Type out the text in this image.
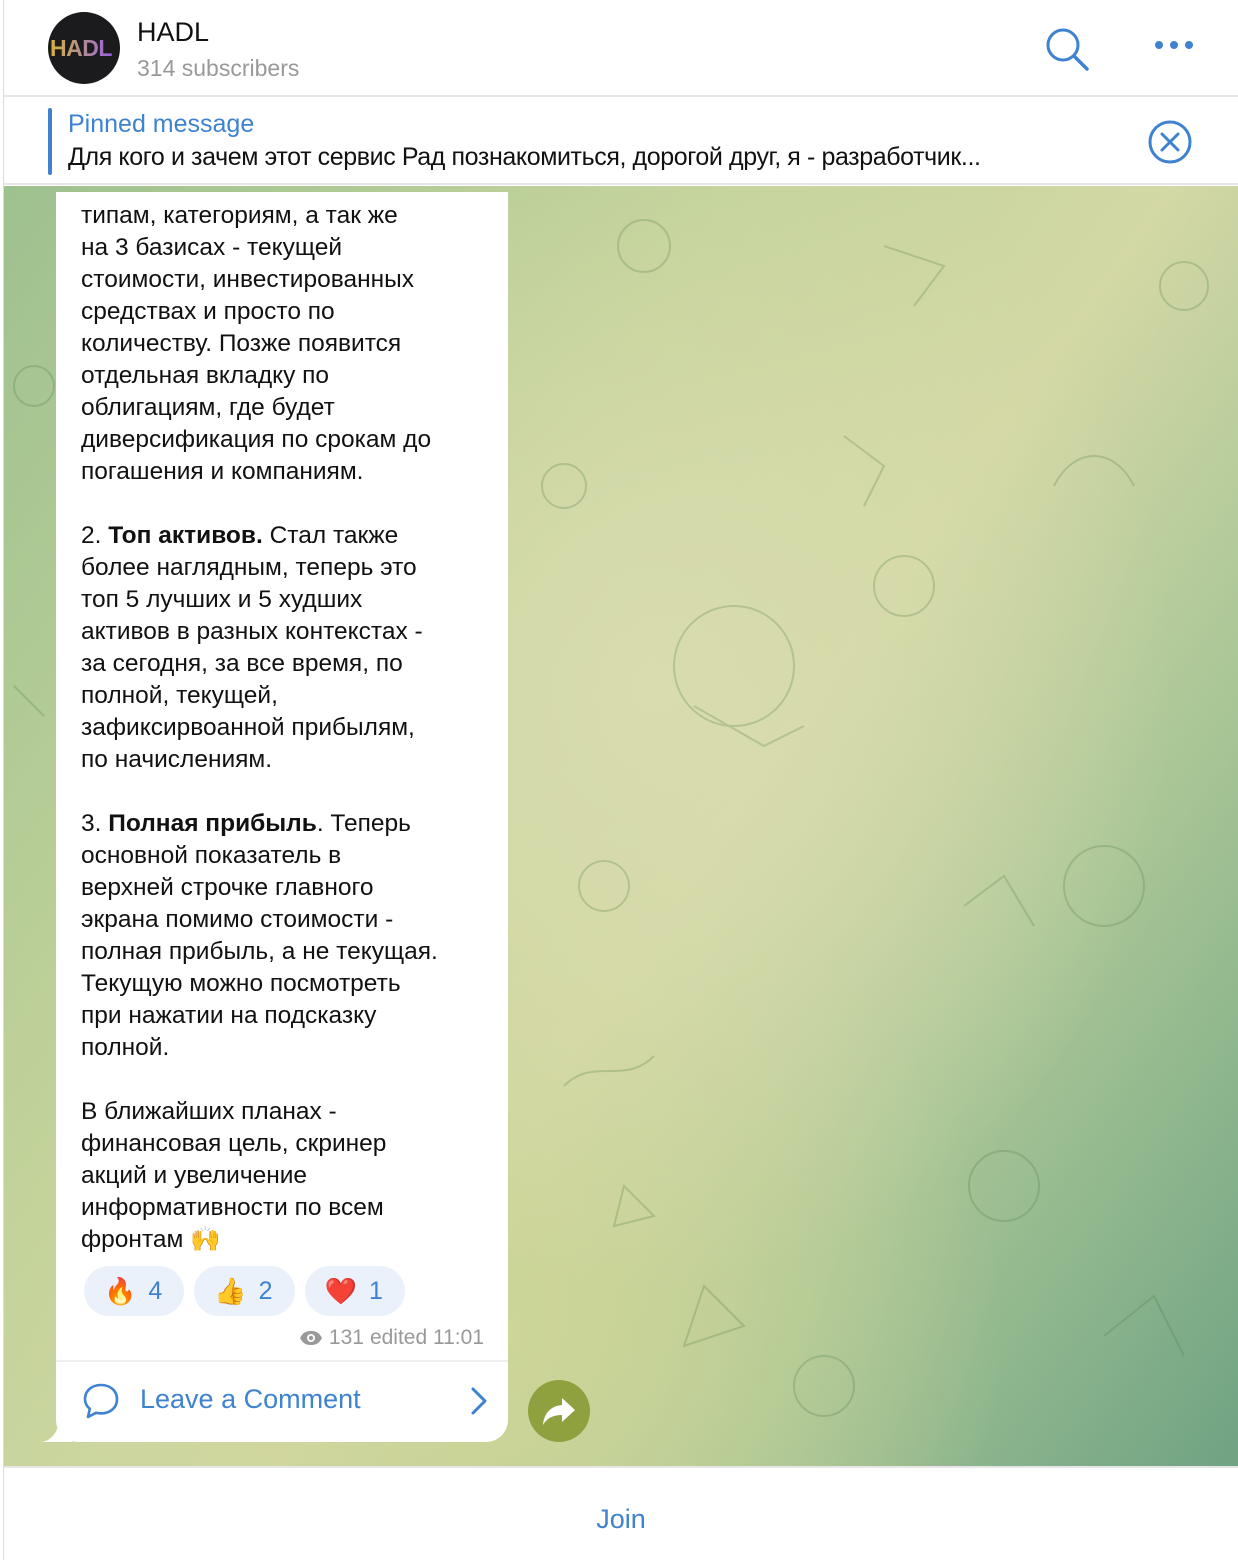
HADL
HADL
314 subscribers
Pinned message
Для кого и зачем этот сервис Рад познакомиться, дорогой друг, я - разработчик...

типам, категориям, а так же
на 3 базисах - текущей
стоимости, инвестированных
средствах и просто по
количеству. Позже появится
отдельная вкладку по
облигациям, где будет
диверсификация по срокам до
погашения и компаниям.

2. Топ активов. Стал также
более наглядным, теперь это
топ 5 лучших и 5 худших
активов в разных контекстах -
за сегодня, за все время, по
полной, текущей,
зафиксирвоанной прибылям,
по начислениям.

3. Полная прибыль. Теперь
основной показатель в
верхней строчке главного
экрана помимо стоимости -
полная прибыль, а не текущая.
Текущую можно посмотреть
при нажатии на подсказку
полной.

В ближайших планах -
финансовая цель, скринер
акций и увеличение
информативности по всем
фронтам 🙌

🔥 4 👍 2 ❤️ 1
131 edited 11:01
Leave a Comment
Join
